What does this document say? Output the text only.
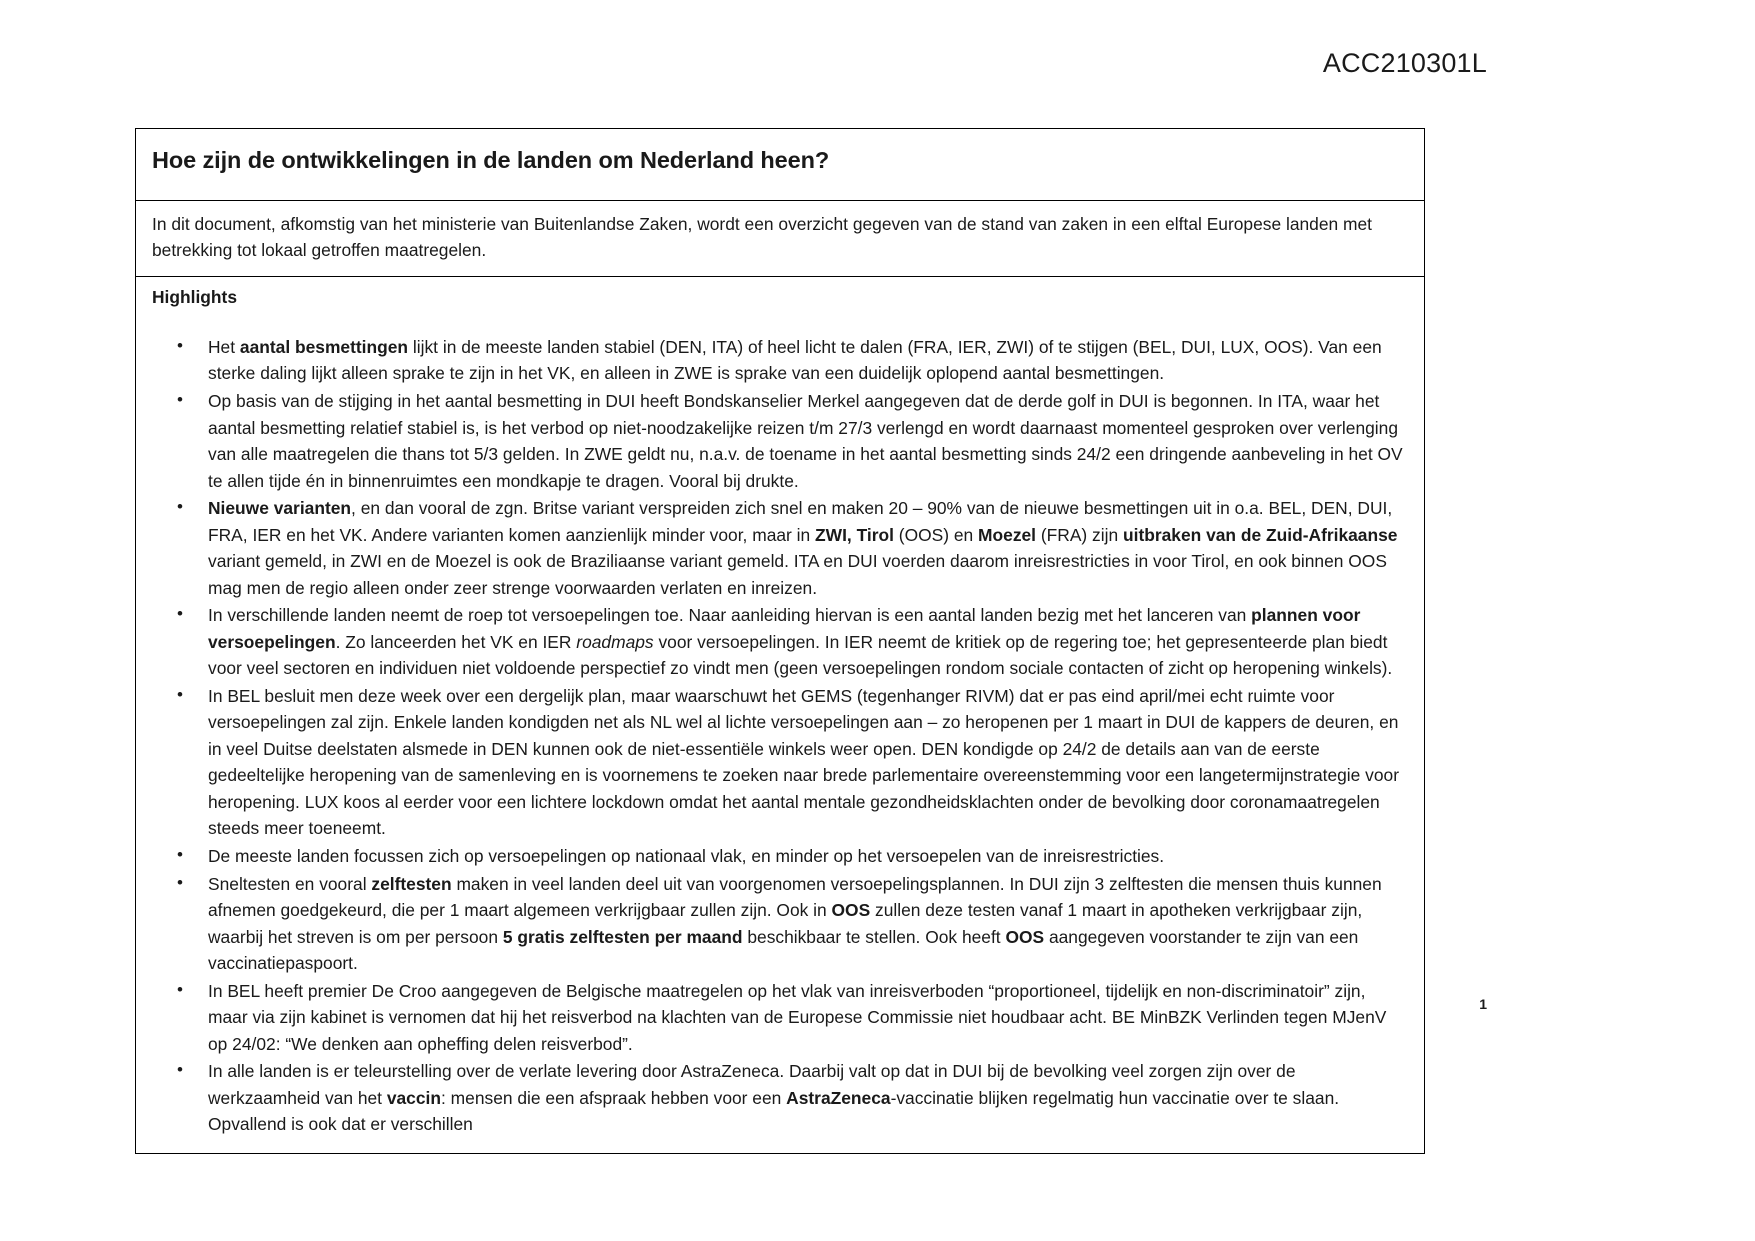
ACC210301L
Hoe zijn de ontwikkelingen in de landen om Nederland heen?
In dit document, afkomstig van het ministerie van Buitenlandse Zaken, wordt een overzicht gegeven van de stand van zaken in een elftal Europese landen met betrekking tot lokaal getroffen maatregelen.
Highlights
• Het aantal besmettingen lijkt in de meeste landen stabiel (DEN, ITA) of heel licht te dalen (FRA, IER, ZWI) of te stijgen (BEL, DUI, LUX, OOS). Van een sterke daling lijkt alleen sprake te zijn in het VK, en alleen in ZWE is sprake van een duidelijk oplopend aantal besmettingen.
• Op basis van de stijging in het aantal besmetting in DUI heeft Bondskanselier Merkel aangegeven dat de derde golf in DUI is begonnen. In ITA, waar het aantal besmetting relatief stabiel is, is het verbod op niet-noodzakelijke reizen t/m 27/3 verlengd en wordt daarnaast momenteel gesproken over verlenging van alle maatregelen die thans tot 5/3 gelden. In ZWE geldt nu, n.a.v. de toename in het aantal besmetting sinds 24/2 een dringende aanbeveling in het OV te allen tijde én in binnenruimtes een mondkapje te dragen. Vooral bij drukte.
• Nieuwe varianten, en dan vooral de zgn. Britse variant verspreiden zich snel en maken 20 – 90% van de nieuwe besmettingen uit in o.a. BEL, DEN, DUI, FRA, IER en het VK. Andere varianten komen aanzienlijk minder voor, maar in ZWI, Tirol (OOS) en Moezel (FRA) zijn uitbraken van de Zuid-Afrikaanse variant gemeld, in ZWI en de Moezel is ook de Braziliaanse variant gemeld. ITA en DUI voerden daarom inreisrestricties in voor Tirol, en ook binnen OOS mag men de regio alleen onder zeer strenge voorwaarden verlaten en inreizen.
• In verschillende landen neemt de roep tot versoepelingen toe. Naar aanleiding hiervan is een aantal landen bezig met het lanceren van plannen voor versoepelingen. Zo lanceerden het VK en IER roadmaps voor versoepelingen. In IER neemt de kritiek op de regering toe; het gepresenteerde plan biedt voor veel sectoren en individuen niet voldoende perspectief zo vindt men (geen versoepelingen rondom sociale contacten of zicht op heropening winkels).
• In BEL besluit men deze week over een dergelijk plan, maar waarschuwt het GEMS (tegenhanger RIVM) dat er pas eind april/mei echt ruimte voor versoepelingen zal zijn. Enkele landen kondigden net als NL wel al lichte versoepelingen aan – zo heropenen per 1 maart in DUI de kappers de deuren, en in veel Duitse deelstaten alsmede in DEN kunnen ook de niet-essentiële winkels weer open. DEN kondigde op 24/2 de details aan van de eerste gedeeltelijke heropening van de samenleving en is voornemens te zoeken naar brede parlementaire overeenstemming voor een langetermijnstrategie voor heropening. LUX koos al eerder voor een lichtere lockdown omdat het aantal mentale gezondheidsklachten onder de bevolking door coronamaatregelen steeds meer toeneemt.
• De meeste landen focussen zich op versoepelingen op nationaal vlak, en minder op het versoepelen van de inreisrestricties.
• Sneltesten en vooral zelftesten maken in veel landen deel uit van voorgenomen versoepelingsplannen. In DUI zijn 3 zelftesten die mensen thuis kunnen afnemen goedgekeurd, die per 1 maart algemeen verkrijgbaar zullen zijn. Ook in OOS zullen deze testen vanaf 1 maart in apotheken verkrijgbaar zijn, waarbij het streven is om per persoon 5 gratis zelftesten per maand beschikbaar te stellen. Ook heeft OOS aangegeven voorstander te zijn van een vaccinatiepaspoort.
• In BEL heeft premier De Croo aangegeven de Belgische maatregelen op het vlak van inreisverboden “proportioneel, tijdelijk en non-discriminatoir” zijn, maar via zijn kabinet is vernomen dat hij het reisverbod na klachten van de Europese Commissie niet houdbaar acht. BE MinBZK Verlinden tegen MJenV op 24/02: “We denken aan opheffing delen reisverbod”.
• In alle landen is er teleurstelling over de verlate levering door AstraZeneca. Daarbij valt op dat in DUI bij de bevolking veel zorgen zijn over de werkzaamheid van het vaccin: mensen die een afspraak hebben voor een AstraZeneca-vaccinatie blijken regelmatig hun vaccinatie over te slaan. Opvallend is ook dat er verschillen
1
